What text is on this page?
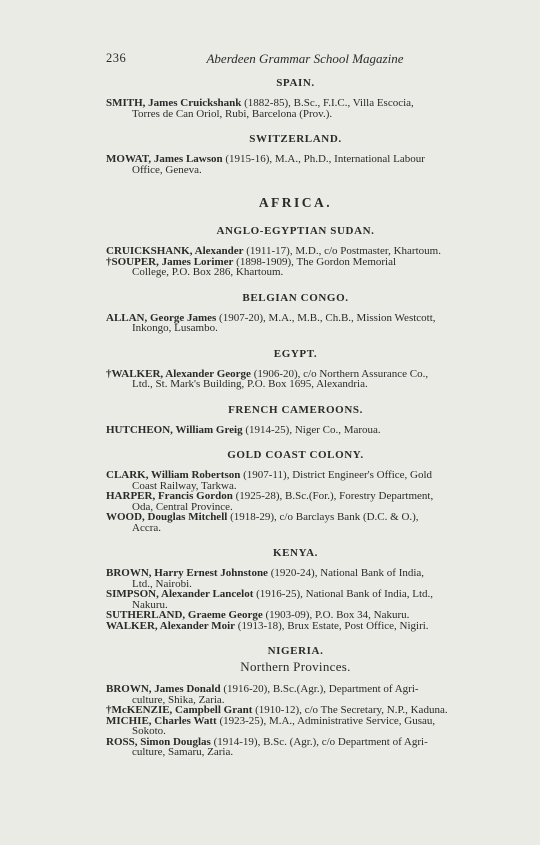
236	Aberdeen Grammar School Magazine

SPAIN.

SMITH, James Cruickshank (1882-85), B.Sc., F.I.C., Villa Escocia,
Torres de Can Oriol, Rubi, Barcelona (Prov.).

SWITZERLAND.

MOWAT, James Lawson (1915-16), M.A., Ph.D., International Labour
Office, Geneva.

AFRICA.

ANGLO-EGYPTIAN SUDAN.

CRUICKSHANK, Alexander (1911-17), M.D., c/o Postmaster, Khartoum.

†SOUPER, James Lorimer (1898-1909), The Gordon Memorial
College, P.O. Box 286, Khartoum.

BELGIAN CONGO.

ALLAN, George James (1907-20), M.A., M.B., Ch.B., Mission Westcott,
Inkongo, Lusambo.

EGYPT.

†WALKER, Alexander George (1906-20), c/o Northern Assurance Co.,
Ltd., St. Mark's Building, P.O. Box 1695, Alexandria.

FRENCH CAMEROONS.

HUTCHEON, William Greig (1914-25), Niger Co., Maroua.

GOLD COAST COLONY.

CLARK, William Robertson (1907-11), District Engineer's Office, Gold
Coast Railway, Tarkwa.

HARPER, Francis Gordon (1925-28), B.Sc.(For.), Forestry Department,
Oda, Central Province.

WOOD, Douglas Mitchell (1918-29), c/o Barclays Bank (D.C. & O.),
Accra.

KENYA.

BROWN, Harry Ernest Johnstone (1920-24), National Bank of India,
Ltd., Nairobi.

SIMPSON, Alexander Lancelot (1916-25), National Bank of India, Ltd.,
Nakuru.

SUTHERLAND, Graeme George (1903-09), P.O. Box 34, Nakuru.

WALKER, Alexander Moir (1913-18), Brux Estate, Post Office, Nigiri.

NIGERIA.

Northern Provinces.

BROWN, James Donald (1916-20), B.Sc.(Agr.), Department of Agri-
culture, Shika, Zaria.

†McKENZIE, Campbell Grant (1910-12), c/o The Secretary, N.P., Kaduna.

MICHIE, Charles Watt (1923-25), M.A., Administrative Service, Gusau,
Sokoto.

ROSS, Simon Douglas (1914-19), B.Sc. (Agr.), c/o Department of Agri-
culture, Samaru, Zaria.
